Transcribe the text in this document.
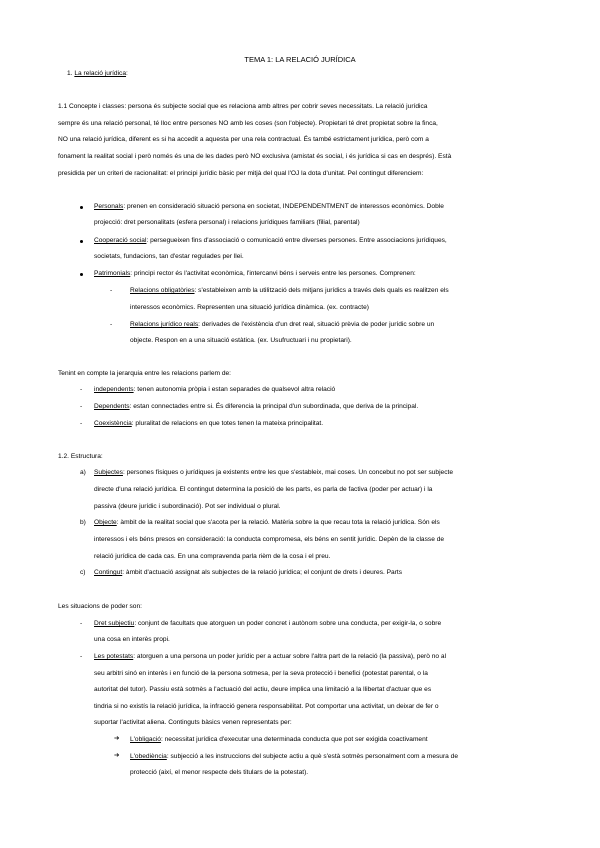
TEMA 1: LA RELACIÓ JURÍDICA
1. La relació jurídica:
1.1 Concepte i classes: persona és subjecte social que es relaciona amb altres per cobrir seves necessitats. La relació jurídica
sempre és una relació personal, té lloc entre persones NO amb les coses (son l'objecte). Propietari té dret propietat sobre la finca,
NO una relació jurídica, diferent es si ha accedit a aquesta per una rela contractual. És també estrictament jurídica, però com a
fonament la realitat social i però només és una de les dades però NO exclusiva (amistat és social, i és jurídica si cas en després). Està
presidida per un criteri de racionalitat: el principi jurídic bàsic per mitjà del qual l'OJ la dota d'unitat. Pel contingut diferenciem:
Personals: prenen en consideració situació persona en societat, INDEPENDENTMENT de interessos econòmics. Doble
projecció: dret personalitats (esfera personal) i relacions jurídiques familiars (filial, parental)
Cooperació social: persegueixen fins d'associació o comunicació entre diverses persones. Entre associacions jurídiques,
societats, fundacions, tan d'estar regulades per llei.
Patrimonials: principi rector és l'activitat econòmica, l'intercanvi béns i serveis entre les persones. Comprenen:
-	Relacions obligatòries: s'estableixen amb la utilització dels mitjans jurídics a través dels quals es realitzen els
interessos econòmics. Representen una situació jurídica dinàmica. (ex. contracte)
-	Relacions jurídico reals: derivades de l'existència d'un dret real, situació prèvia de poder jurídic sobre un
objecte. Respon en a una situació estàtica. (ex. Usufructuari i nu propietari).
Tenint en compte la jerarquia entre les relacions parlem de:
- independents: tenen autonomia pròpia i estan separades de qualsevol altra relació
- Dependents: estan connectades entre si. És diferencia la principal d'un subordinada, que deriva de la principal.
- Coexistència: pluralitat de relacions en que totes tenen la mateixa principalitat.
1.2. Estructura:
a) Subjectes: persones físiques o jurídiques ja existents entre les que s'estableix, mai coses. Un concebut no pot ser subjecte
directe d'una relació jurídica. El contingut determina la posició de les parts, es parla de factiva (poder per actuar) i la
passiva (deure jurídic i subordinació). Pot ser individual o plural.
b) Objecte: àmbit de la realitat social que s'acota per la relació. Matèria sobre la que recau tota la relació jurídica. Són els
interessos i els béns presos en consideració: la conducta compromesa, els béns en sentit jurídic. Depèn de la classe de
relació jurídica de cada cas. En una compravenda parla rièm de la cosa i el preu.
c) Contingut: àmbit d'actuació assignat als subjectes de la relació jurídica; el conjunt de drets i deures. Parts
Les situacions de poder son:
- Dret subjectiu: conjunt de facultats que atorguen un poder concret i autònom sobre una conducta, per exigir-la, o sobre
una cosa en interès propi.
- Les potestats: atorguen a una persona un poder jurídic per a actuar sobre l'altra part de la relació (la passiva), però no al
seu arbitri sinó en interès i en funció de la persona sotmesa, per la seva protecció i benefici (potestat parental, o la
autoritat del tutor). Passiu està sotmès a l'actuació del actiu, deure implica una limitació a la llibertat d'actuar que es
tindria si no existís la relació jurídica, la infracció genera responsabilitat. Pot comportar una activitat, un deixar de fer o
suportar l'activitat aliena. Continguts bàsics venen representats per:
➔ L'obligació: necessitat jurídica d'executar una determinada conducta que pot ser exigida coactivament
➔ L'obediència: subjecció a les instruccions del subjecte actiu a què s'està sotmès personalment com a mesura de
protecció (així, el menor respecte dels titulars de la potestat).
